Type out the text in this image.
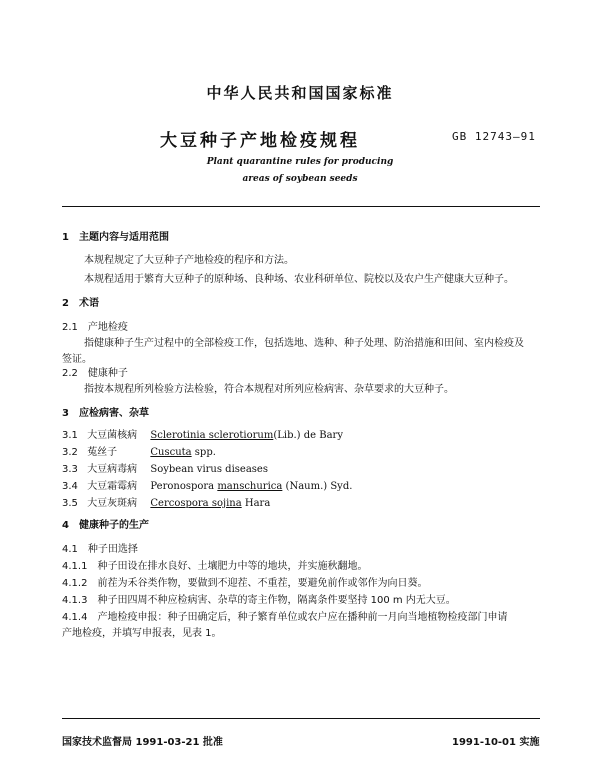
中华人民共和国国家标准
大豆种子产地检疫规程	GB 12743—91
Plant quarantine rules for producing
areas of soybean seeds
1　主题内容与适用范围
本规程规定了大豆种子产地检疫的程序和方法。
本规程适用于繁育大豆种子的原种场、良种场、农业科研单位、院校以及农户生产健康大豆种子。
2　术语
2.1　产地检疫
指健康种子生产过程中的全部检疫工作，包括选地、选种、种子处理、防治措施和田间、室内检疫及
签证。
2.2　健康种子
指按本规程所列检验方法检验，符合本规程对所列应检病害、杂草要求的大豆种子。
3　应检病害、杂草
3.1 大豆菌核病 Sclerotinia sclerotiorum(Lib.) de Bary
3.2 菟丝子	Cuscuta spp.
3.3 大豆病毒病 Soybean virus diseases
3.4 大豆霜霉病 Peronospora manschurica (Naum.) Syd.
3.5 大豆灰斑病 Cercospora sojina Hara
4　健康种子的生产
4.1　种子田选择
4.1.1　种子田设在排水良好、土壤肥力中等的地块，并实施秋翻地。
4.1.2　前茬为禾谷类作物，要做到不迎茬、不重茬，要避免前作或邻作为向日葵。
4.1.3　种子田四周不种应检病害、杂草的寄主作物，隔离条件要坚持 100 m 内无大豆。
4.1.4　产地检疫申报：种子田确定后，种子繁育单位或农户应在播种前一月向当地植物检疫部门申请
产地检疫，并填写申报表，见表 1。
国家技术监督局 1991-03-21 批准	1991-10-01 实施
